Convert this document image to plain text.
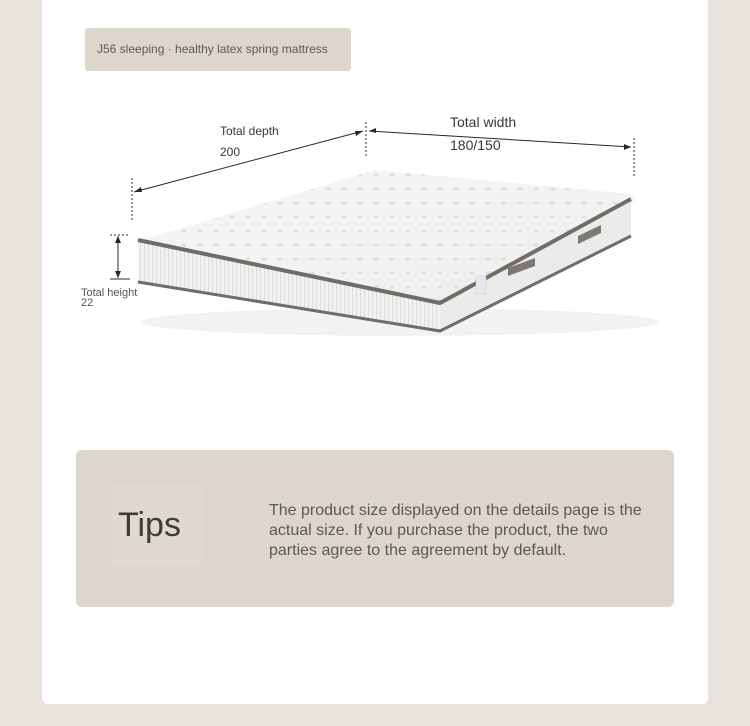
J56 sleeping · healthy latex spring mattress
Total depth
200
Total width
180/150
Total height
22
Tips	The product size displayed on the details page is the actual size. If you purchase the product, the two parties agree to the agreement by default.
